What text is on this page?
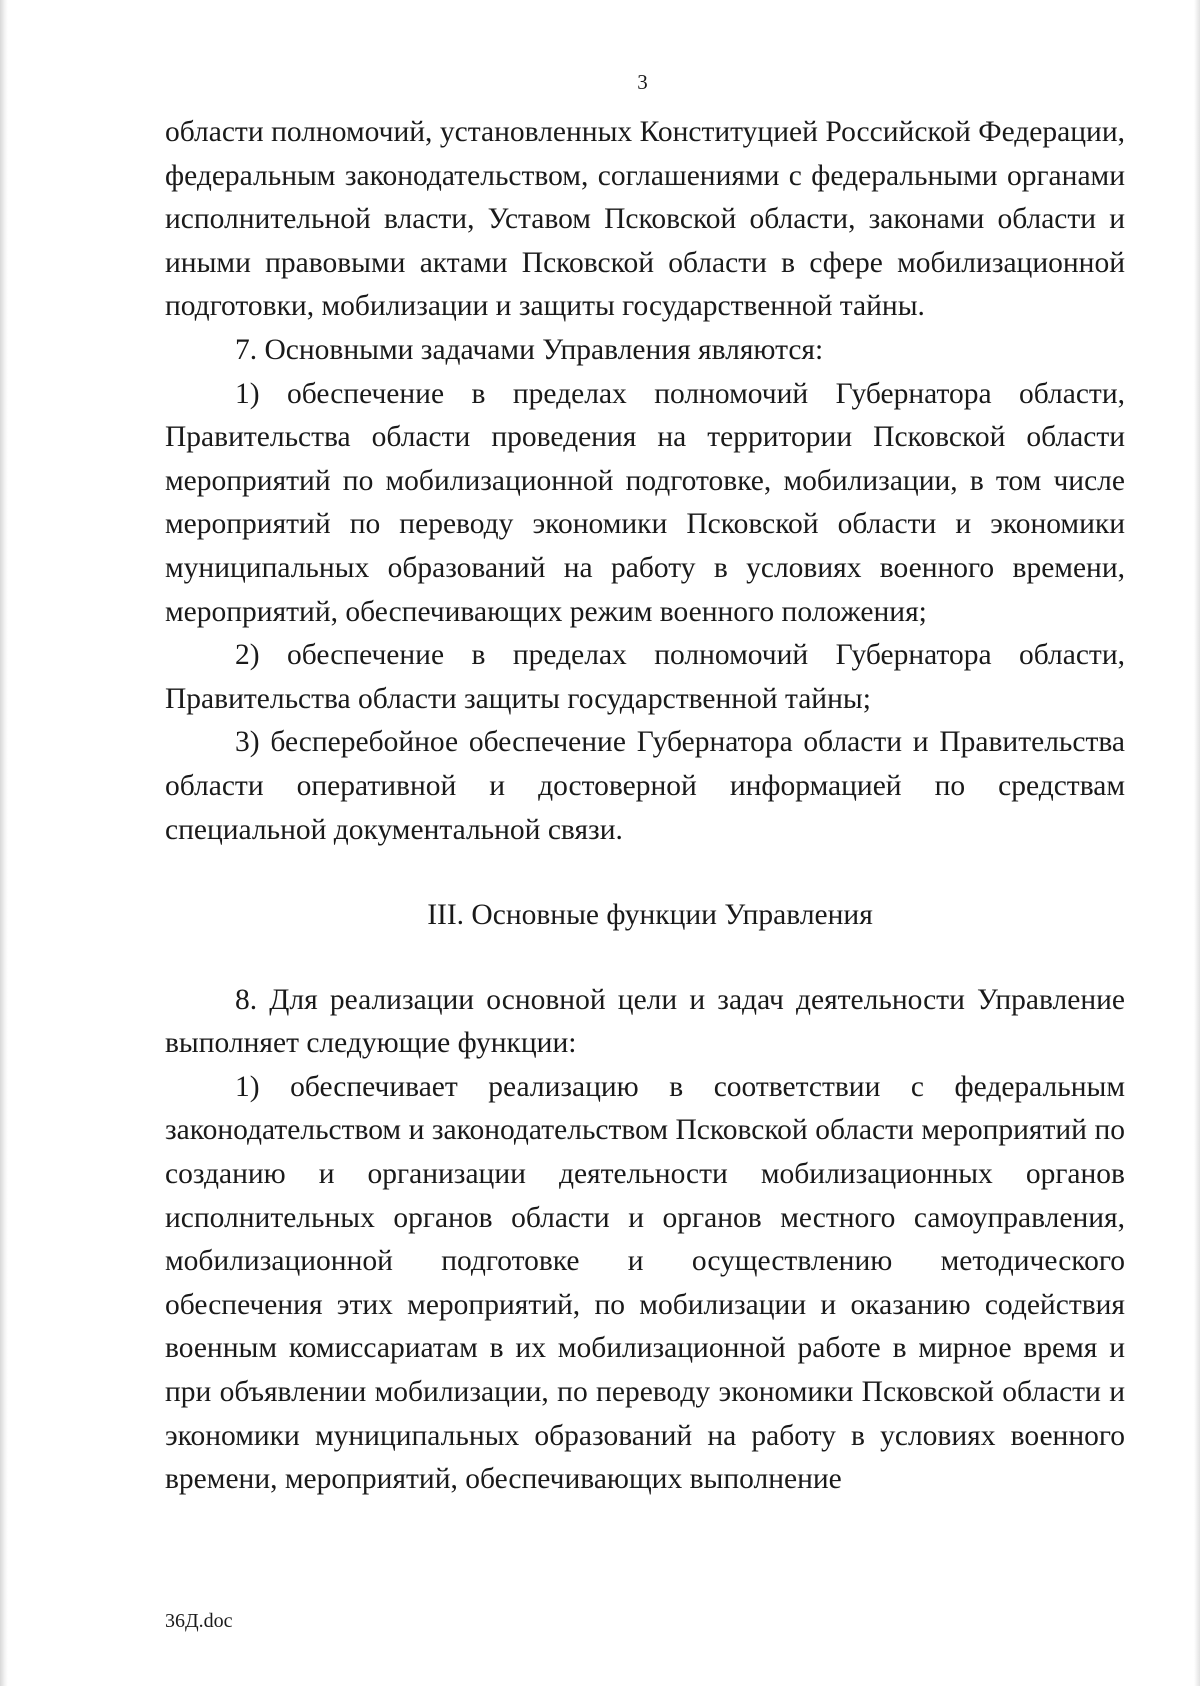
3

области полномочий, установленных Конституцией Российской Федерации, федеральным законодательством, соглашениями с федеральными органами исполнительной власти, Уставом Псковской области, законами области и иными правовыми актами Псковской области в сфере мобилизационной подготовки, мобилизации и защиты государственной тайны.

7. Основными задачами Управления являются:

1) обеспечение в пределах полномочий Губернатора области, Правительства области проведения на территории Псковской области мероприятий по мобилизационной подготовке, мобилизации, в том числе мероприятий по переводу экономики Псковской области и экономики муниципальных образований на работу в условиях военного времени, мероприятий, обеспечивающих режим военного положения;

2) обеспечение в пределах полномочий Губернатора области, Правительства области защиты государственной тайны;

3) бесперебойное обеспечение Губернатора области и Правительства области оперативной и достоверной информацией по средствам специальной документальной связи.

III. Основные функции Управления

8. Для реализации основной цели и задач деятельности Управление выполняет следующие функции:

1) обеспечивает реализацию в соответствии с федеральным законодательством и законодательством Псковской области мероприятий по созданию и организации деятельности мобилизационных органов исполнительных органов области и органов местного самоуправления, мобилизационной подготовке и осуществлению методического обеспечения этих мероприятий, по мобилизации и оказанию содействия военным комиссариатам в их мобилизационной работе в мирное время и при объявлении мобилизации, по переводу экономики Псковской области и экономики муниципальных образований на работу в условиях военного времени, мероприятий, обеспечивающих выполнение

36Д.doc
